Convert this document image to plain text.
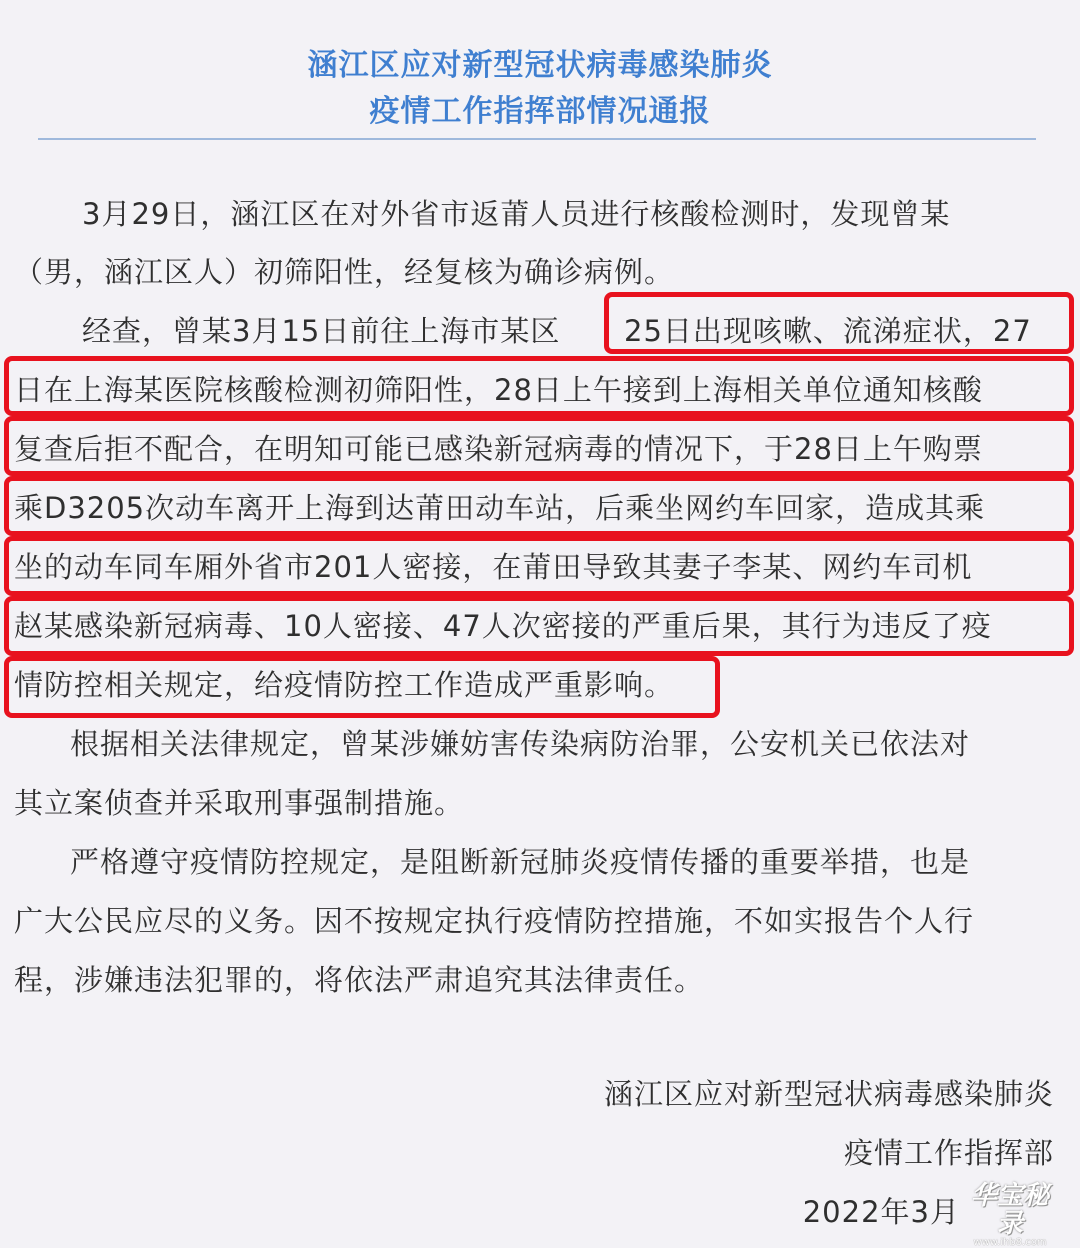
涵江区应对新型冠状病毒感染肺炎
疫情工作指挥部情况通报
3月29日，涵江区在对外省市返莆人员进行核酸检测时，发现曾某
（男，涵江区人）初筛阳性，经复核为确诊病例。
经查，曾某3月15日前往上海市某区 25日出现咳嗽、流涕症状，27
日在上海某医院核酸检测初筛阳性，28日上午接到上海相关单位通知核酸
复查后拒不配合，在明知可能已感染新冠病毒的情况下，于28日上午购票
乘D3205次动车离开上海到达莆田动车站，后乘坐网约车回家，造成其乘
坐的动车同车厢外省市201人密接，在莆田导致其妻子李某、网约车司机
赵某感染新冠病毒、10人密接、47人次密接的严重后果，其行为违反了疫
情防控相关规定，给疫情防控工作造成严重影响。
根据相关法律规定，曾某涉嫌妨害传染病防治罪，公安机关已依法对
其立案侦查并采取刑事强制措施。
严格遵守疫情防控规定，是阻断新冠肺炎疫情传播的重要举措，也是
广大公民应尽的义务。因不按规定执行疫情防控措施，不如实报告个人行
程，涉嫌违法犯罪的，将依法严肃追究其法律责任。
涵江区应对新型冠状病毒感染肺炎
疫情工作指挥部
2022年3月 华宝秘录
www.ihb8.com
